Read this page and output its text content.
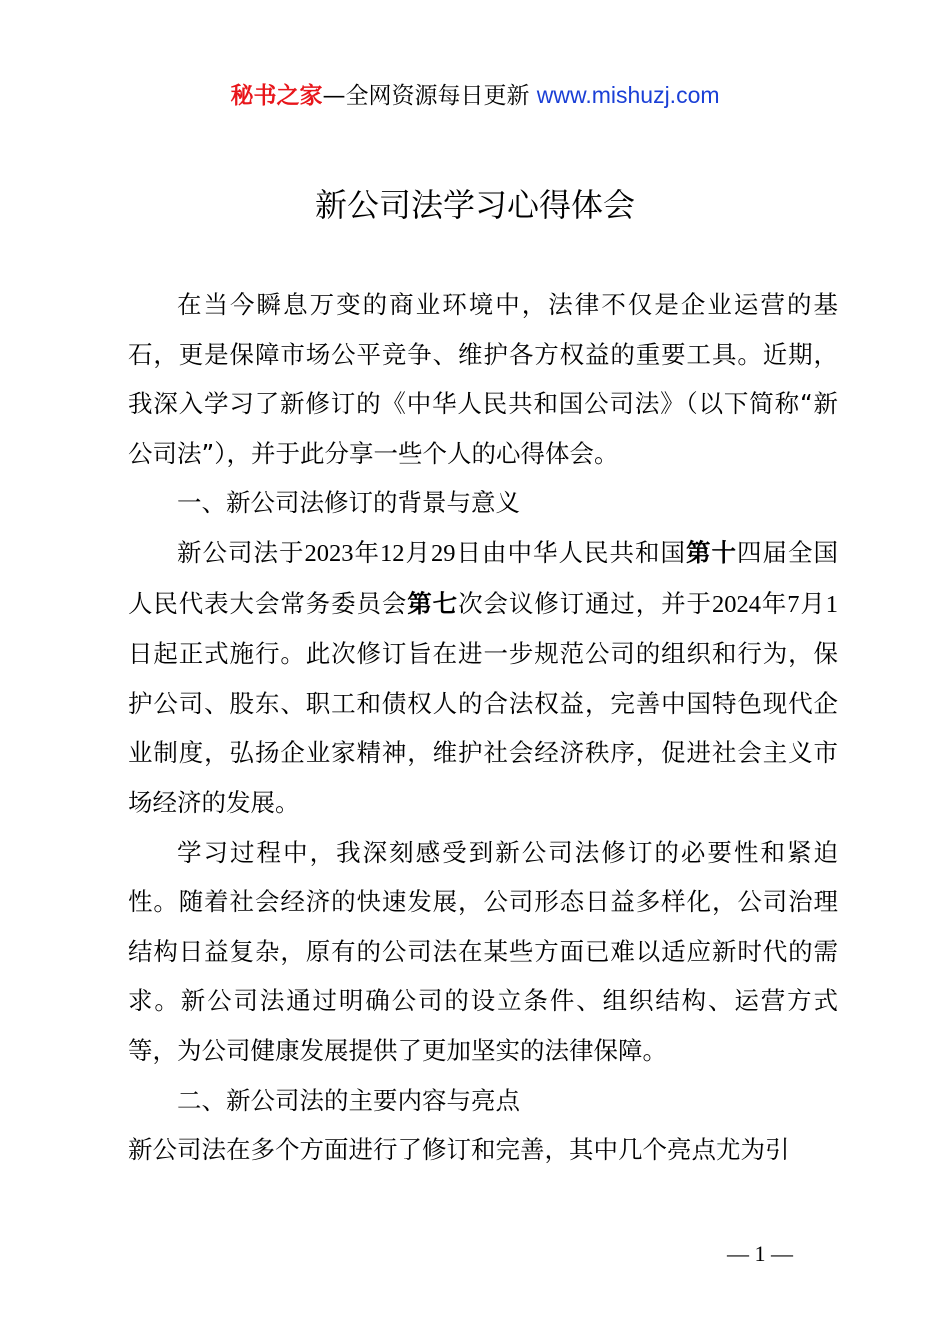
秘书之家—全网资源每日更新 www.mishuzj.com
新公司法学习心得体会

在当今瞬息万变的商业环境中，法律不仅是企业运营的基石，更是保障市场公平竞争、维护各方权益的重要工具。近期，我深入学习了新修订的《中华人民共和国公司法》（以下简称“新公司法”），并于此分享一些个人的心得体会。

一、新公司法修订的背景与意义

新公司法于2023年12月29日由中华人民共和国第十四届全国人民代表大会常务委员会第七次会议修订通过，并于2024年7月1日起正式施行。此次修订旨在进一步规范公司的组织和行为，保护公司、股东、职工和债权人的合法权益，完善中国特色现代企业制度，弘扬企业家精神，维护社会经济秩序，促进社会主义市场经济的发展。

学习过程中，我深刻感受到新公司法修订的必要性和紧迫性。随着社会经济的快速发展，公司形态日益多样化，公司治理结构日益复杂，原有的公司法在某些方面已难以适应新时代的需求。新公司法通过明确公司的设立条件、组织结构、运营方式等，为公司健康发展提供了更加坚实的法律保障。

二、新公司法的主要内容与亮点

新公司法在多个方面进行了修订和完善，其中几个亮点尤为引

— 1 —
